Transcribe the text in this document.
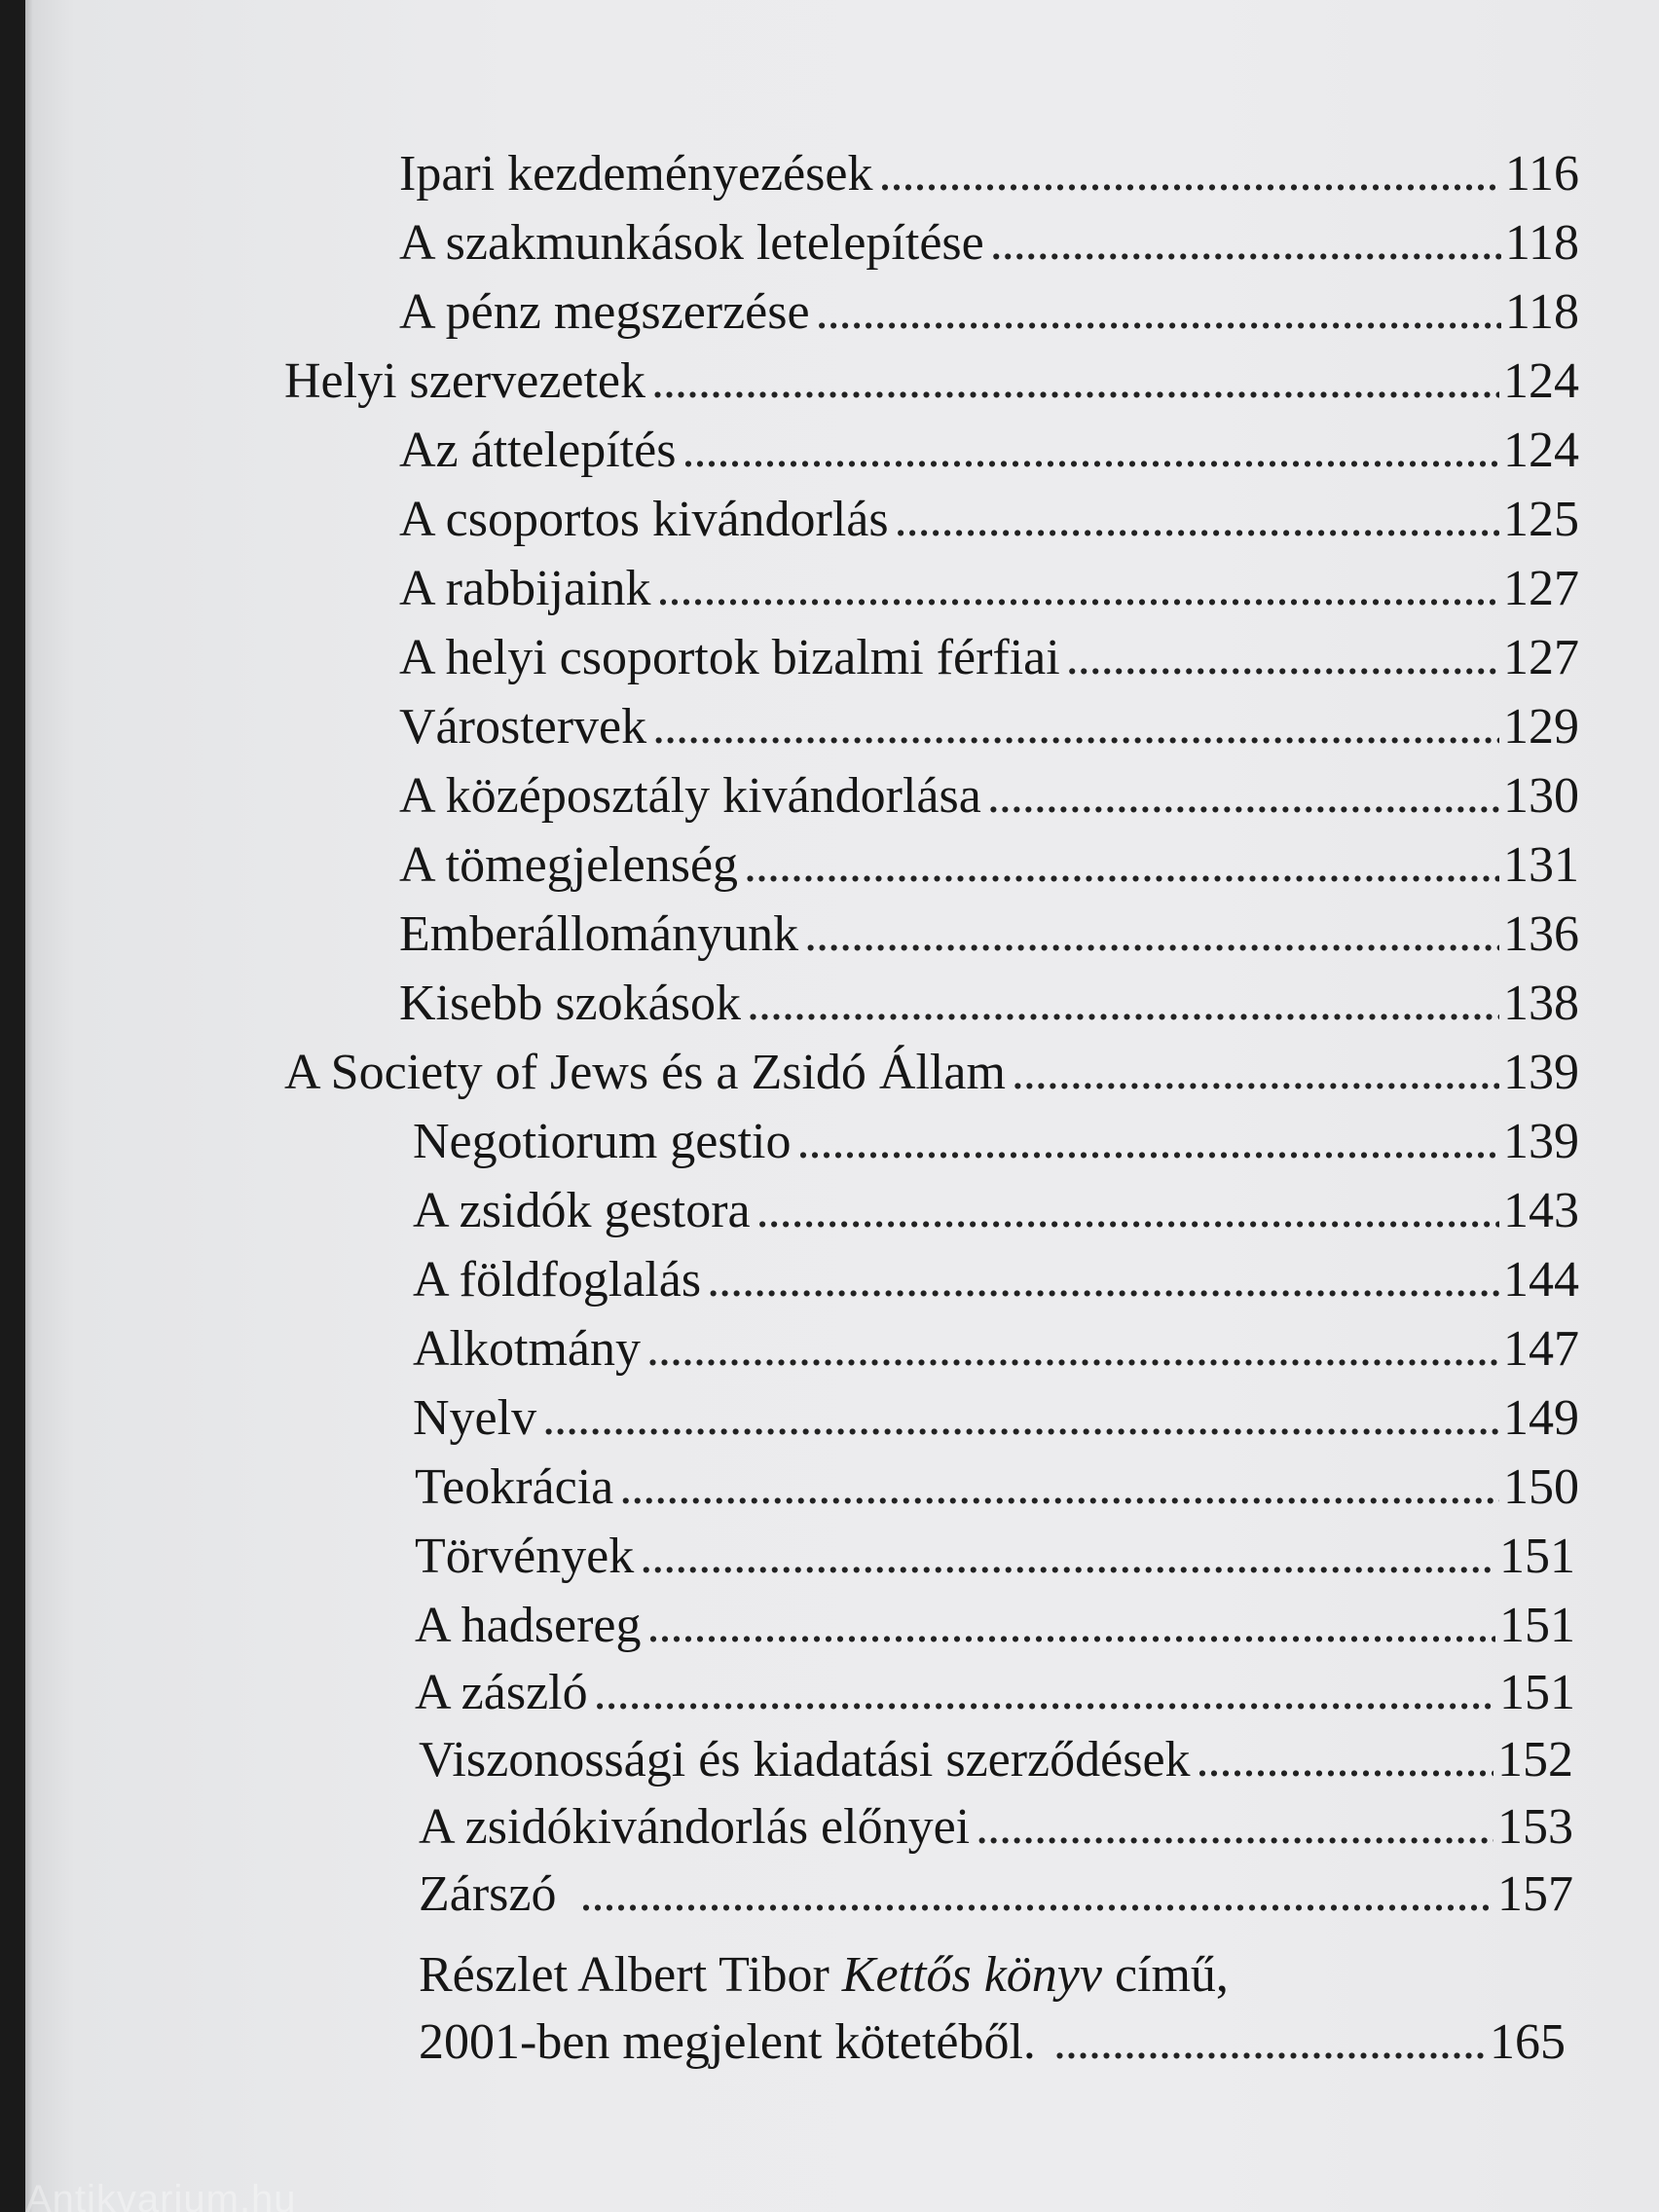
Ipari kezdeményezések . . .	116
A szakmunkások letelepítése . . .	118
A pénz megszerzése . . .	118
Helyi szervezetek . . .	124
Az áttelepítés . . .	124
A csoportos kivándorlás . . .	125
A rabbijaink . . .	127
A helyi csoportok bizalmi férfiai . . .	127
Várostervek . . .	129
A középosztály kivándorlása . . .	130
A tömegjelenség . . .	131
Emberállományunk . . .	136
Kisebb szokások . . .	138
A Society of Jews és a Zsidó Állam . . .	139
Negotiorum gestio . . .	139
A zsidók gestora . . .	143
A földfoglalás . . .	144
Alkotmány . . .	147
Nyelv . . .	149
Teokrácia . . .	150
Törvények . . .	151
A hadsereg . . .	151
A zászló . . .	151
Viszonossági és kiadatási szerződések . . .	152
A zsidókivándorlás előnyei . . .	153
Zárszó . . .	157
Részlet Albert Tibor Kettős könyv című,
2001-ben megjelent kötetéből. . . .	165
Antikvarium.hu
